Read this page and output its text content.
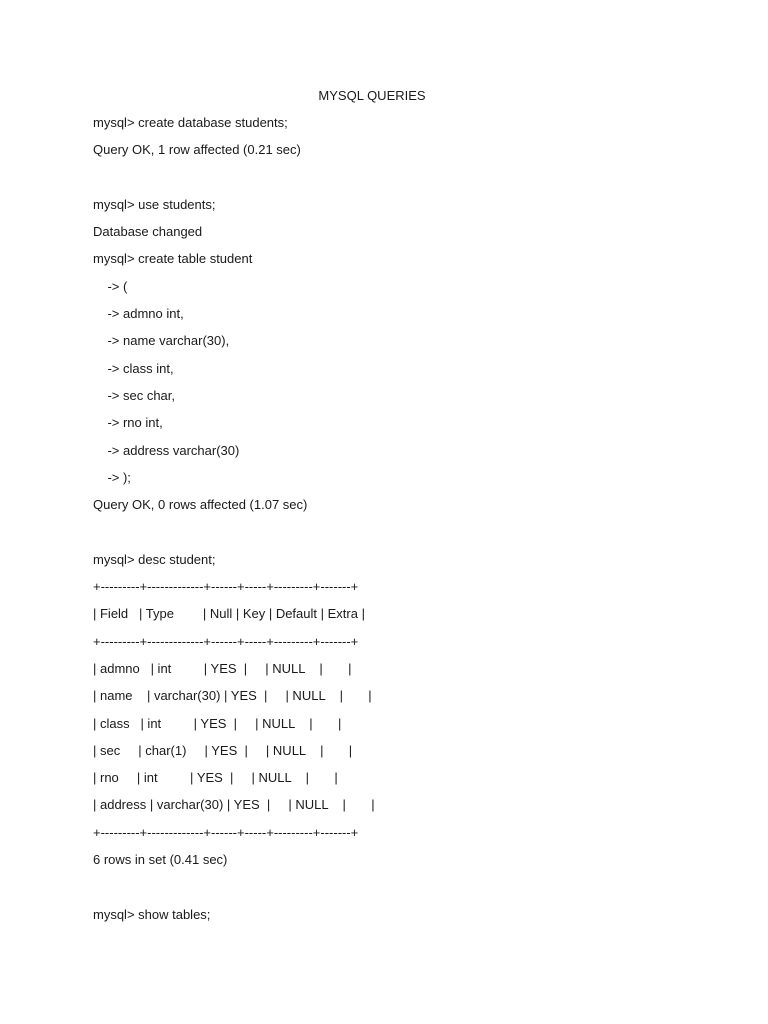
MYSQL QUERIES
mysql> create database students;
Query OK, 1 row affected (0.21 sec)
mysql> use students;
Database changed
mysql> create table student
-> (
-> admno int,
-> name varchar(30),
-> class int,
-> sec char,
-> rno int,
-> address varchar(30)
-> );
Query OK, 0 rows affected (1.07 sec)
mysql> desc student;
+---------+-------------+------+-----+---------+-------+
| Field   | Type        | Null | Key | Default | Extra |
+---------+-------------+------+-----+---------+-------+
| admno   | int         | YES  |     | NULL    |       |
| name    | varchar(30) | YES  |     | NULL    |       |
| class   | int         | YES  |     | NULL    |       |
| sec     | char(1)     | YES  |     | NULL    |       |
| rno     | int         | YES  |     | NULL    |       |
| address | varchar(30) | YES  |     | NULL    |       |
+---------+-------------+------+-----+---------+-------+
6 rows in set (0.41 sec)
mysql> show tables;
